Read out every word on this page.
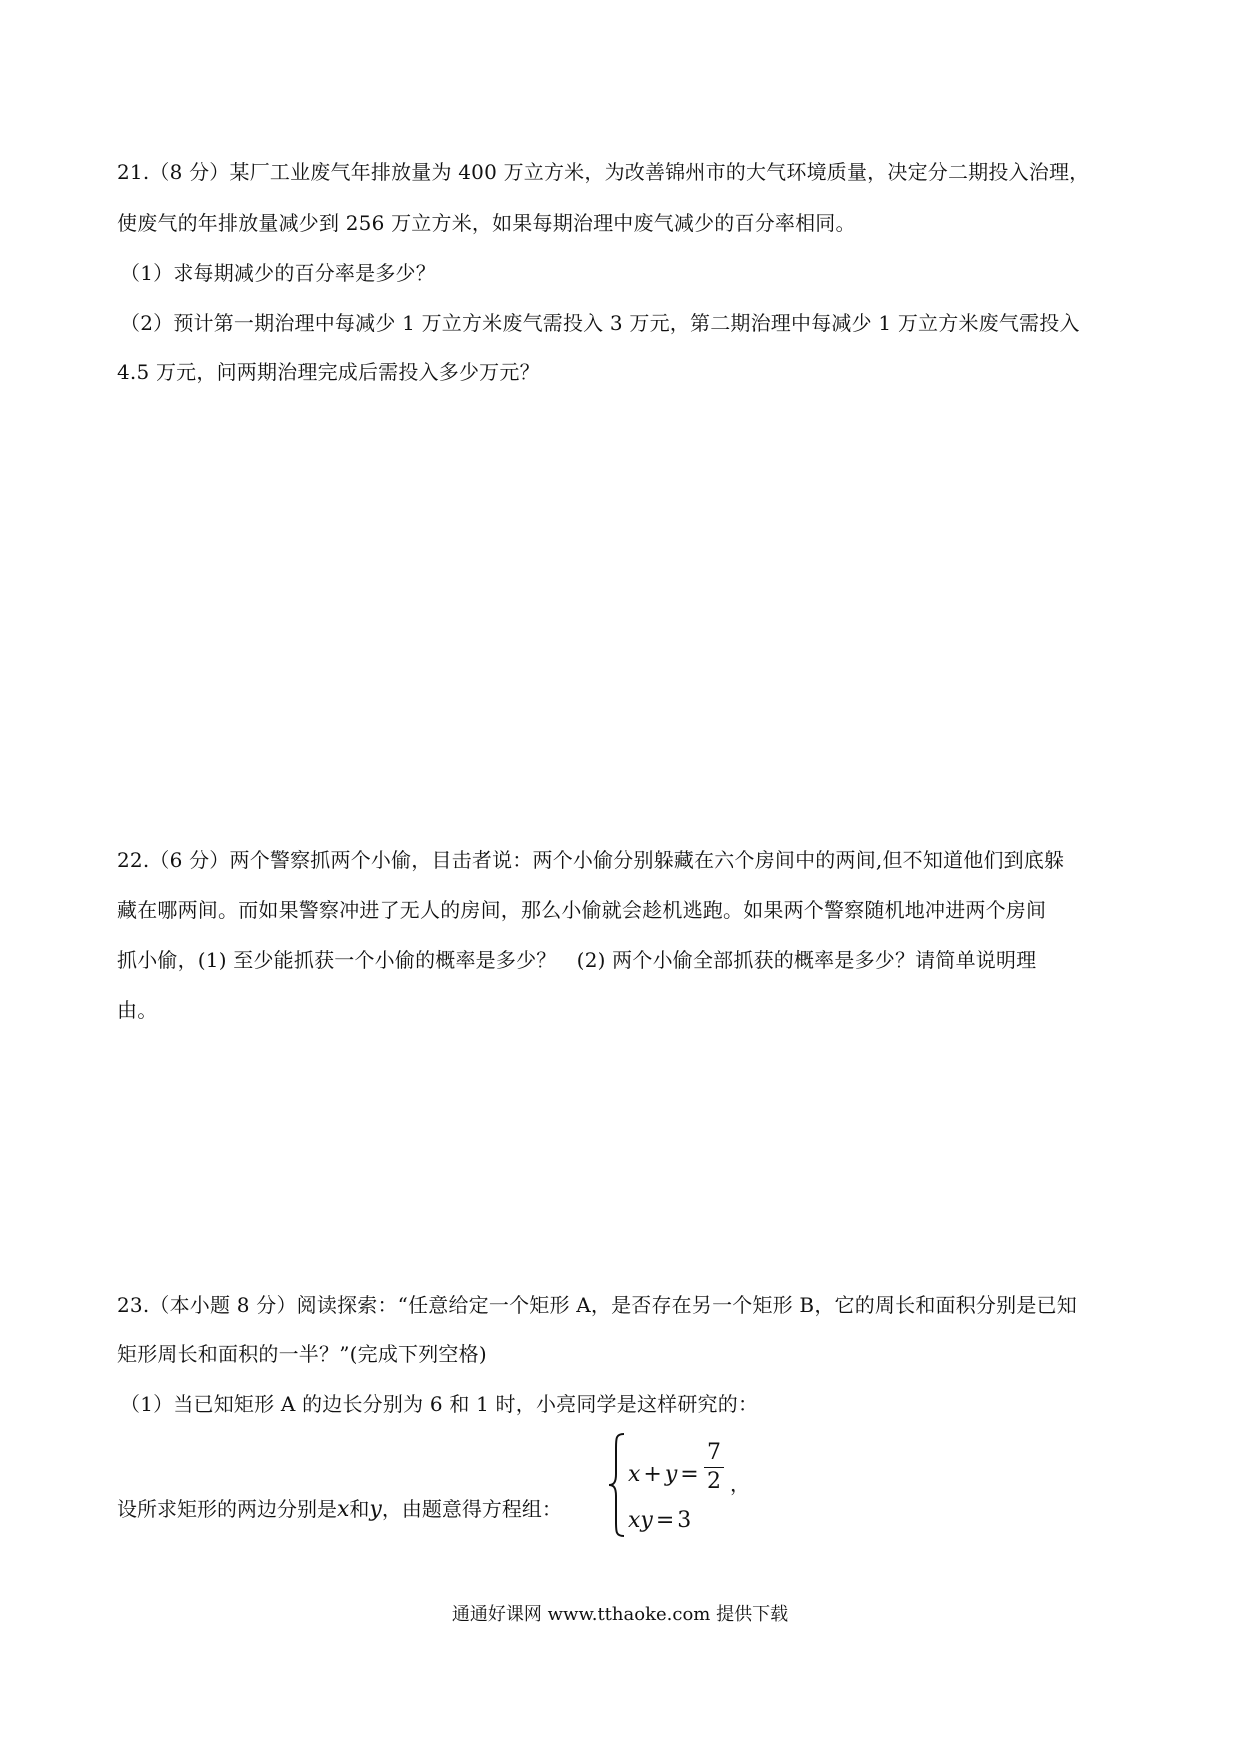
21.（8 分）某厂工业废气年排放量为 400 万立方米，为改善锦州市的大气环境质量，决定分二期投入治理，
使废气的年排放量减少到 256 万立方米，如果每期治理中废气减少的百分率相同。
（1）求每期减少的百分率是多少？
（2）预计第一期治理中每减少 1 万立方米废气需投入 3 万元，第二期治理中每减少 1 万立方米废气需投入
4.5 万元，问两期治理完成后需投入多少万元？
22.（6 分）两个警察抓两个小偷，目击者说：两个小偷分别躲藏在六个房间中的两间,但不知道他们到底躲
藏在哪两间。而如果警察冲进了无人的房间，那么小偷就会趁机逃跑。如果两个警察随机地冲进两个房间
抓小偷，(1) 至少能抓获一个小偷的概率是多少？　(2) 两个小偷全部抓获的概率是多少？请简单说明理
由。
23.（本小题 8 分）阅读探索：“任意给定一个矩形 A，是否存在另一个矩形 B，它的周长和面积分别是已知
矩形周长和面积的一半？”(完成下列空格)
（1）当已知矩形 A 的边长分别为 6 和 1 时，小亮同学是这样研究的：
设所求矩形的两边分别是x和y，由题意得方程组：
x + y =
7
2 ，
xy = 3
通通好课网 www.tthaoke.com 提供下载
